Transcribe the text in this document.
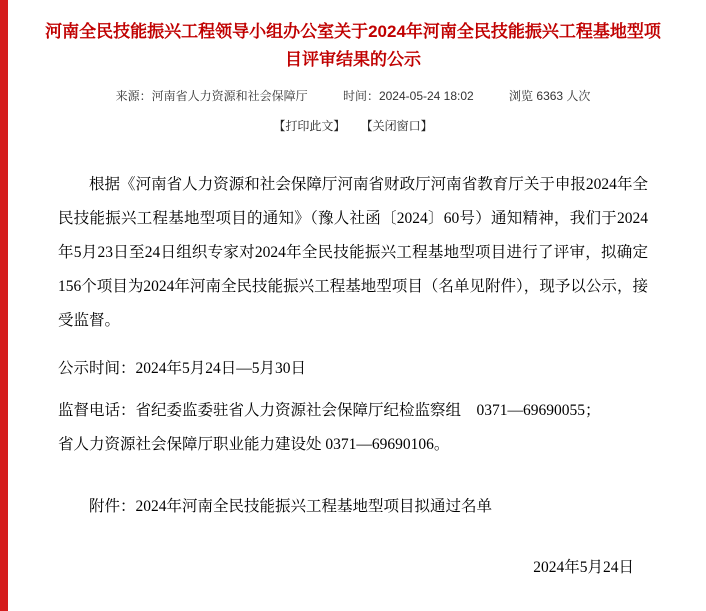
河南全民技能振兴工程领导小组办公室关于2024年河南全民技能振兴工程基地型项目评审结果的公示
来源：河南省人力资源和社会保障厅	时间：2024-05-24 18:02	浏览 6363 人次
【打印此文】 【关闭窗口】

根据《河南省人力资源和社会保障厅河南省财政厅河南省教育厅关于申报2024年全民技能振兴工程基地型项目的通知》（豫人社函〔2024〕60号）通知精神，我们于2024年5月23日至24日组织专家对2024年全民技能振兴工程基地型项目进行了评审，拟确定156个项目为2024年河南全民技能振兴工程基地型项目（名单见附件），现予以公示，接受监督。

公示时间：2024年5月24日—5月30日

监督电话：省纪委监委驻省人力资源社会保障厅纪检监察组　0371—69690055；

省人力资源社会保障厅职业能力建设处 0371—69690106。

附件：2024年河南全民技能振兴工程基地型项目拟通过名单

2024年5月24日
